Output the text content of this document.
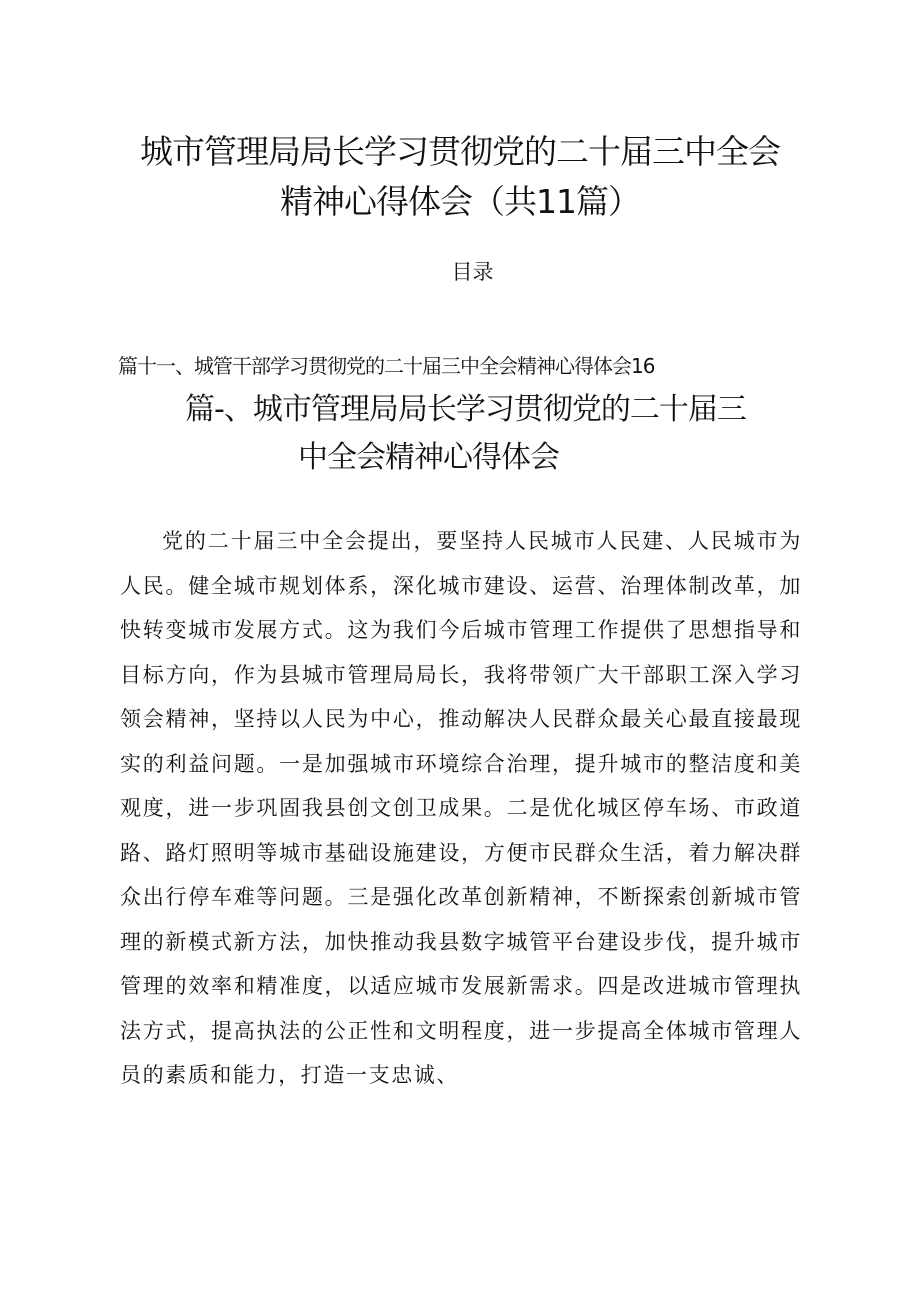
城市管理局局长学习贯彻党的二十届三中全会
精神心得体会（共11篇）
目录
篇十一、城管干部学习贯彻党的二十届三中全会精神心得体会16
篇-、城市管理局局长学习贯彻党的二十届三
中全会精神心得体会

党的二十届三中全会提出，要坚持人民城市人民建、人民城市为人民。健全城市规划体系，深化城市建设、运营、治理体制改革，加快转变城市发展方式。这为我们今后城市管理工作提供了思想指导和目标方向，作为县城市管理局局长，我将带领广大干部职工深入学习领会精神，坚持以人民为中心，推动解决人民群众最关心最直接最现实的利益问题。一是加强城市环境综合治理，提升城市的整洁度和美观度，进一步巩固我县创文创卫成果。二是优化城区停车场、市政道路、路灯照明等城市基础设施建设，方便市民群众生活，着力解决群众出行停车难等问题。三是强化改革创新精神，不断探索创新城市管理的新模式新方法，加快推动我县数字城管平台建设步伐，提升城市管理的效率和精准度，以适应城市发展新需求。四是改进城市管理执法方式，提高执法的公正性和文明程度，进一步提高全体城市管理人员的素质和能力，打造一支忠诚、
